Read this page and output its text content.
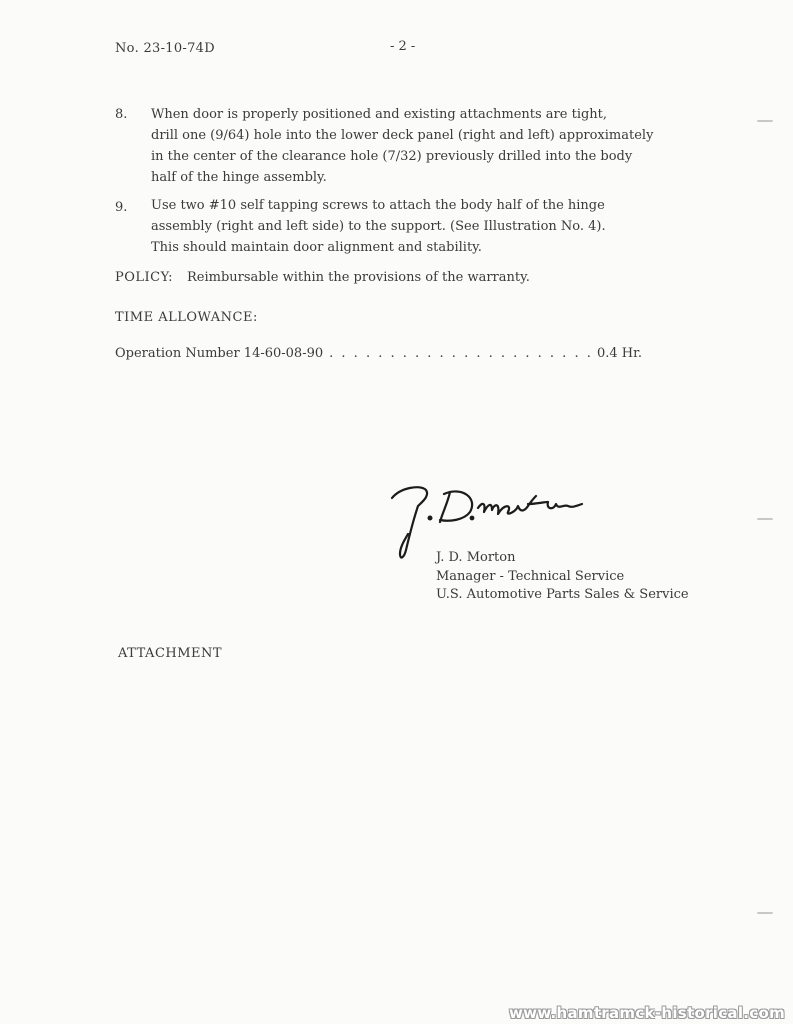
No. 23-10-74D	- 2 -
8. When door is properly positioned and existing attachments are tight,
drill one (9/64) hole into the lower deck panel (right and left) approximately
in the center of the clearance hole (7/32) previously drilled into the body
half of the hinge assembly.
9. Use two #10 self tapping screws to attach the body half of the hinge
assembly (right and left side) to the support. (See Illustration No. 4).
This should maintain door alignment and stability.
POLICY: Reimbursable within the provisions of the warranty.
TIME ALLOWANCE:
Operation Number 14-60-08-90 . . . . . . . . . . . . . . . . . . . . . . 0.4 Hr.
J. D. Morton
Manager - Technical Service
U.S. Automotive Parts Sales & Service
ATTACHMENT
www.hamtramck-historical.com
